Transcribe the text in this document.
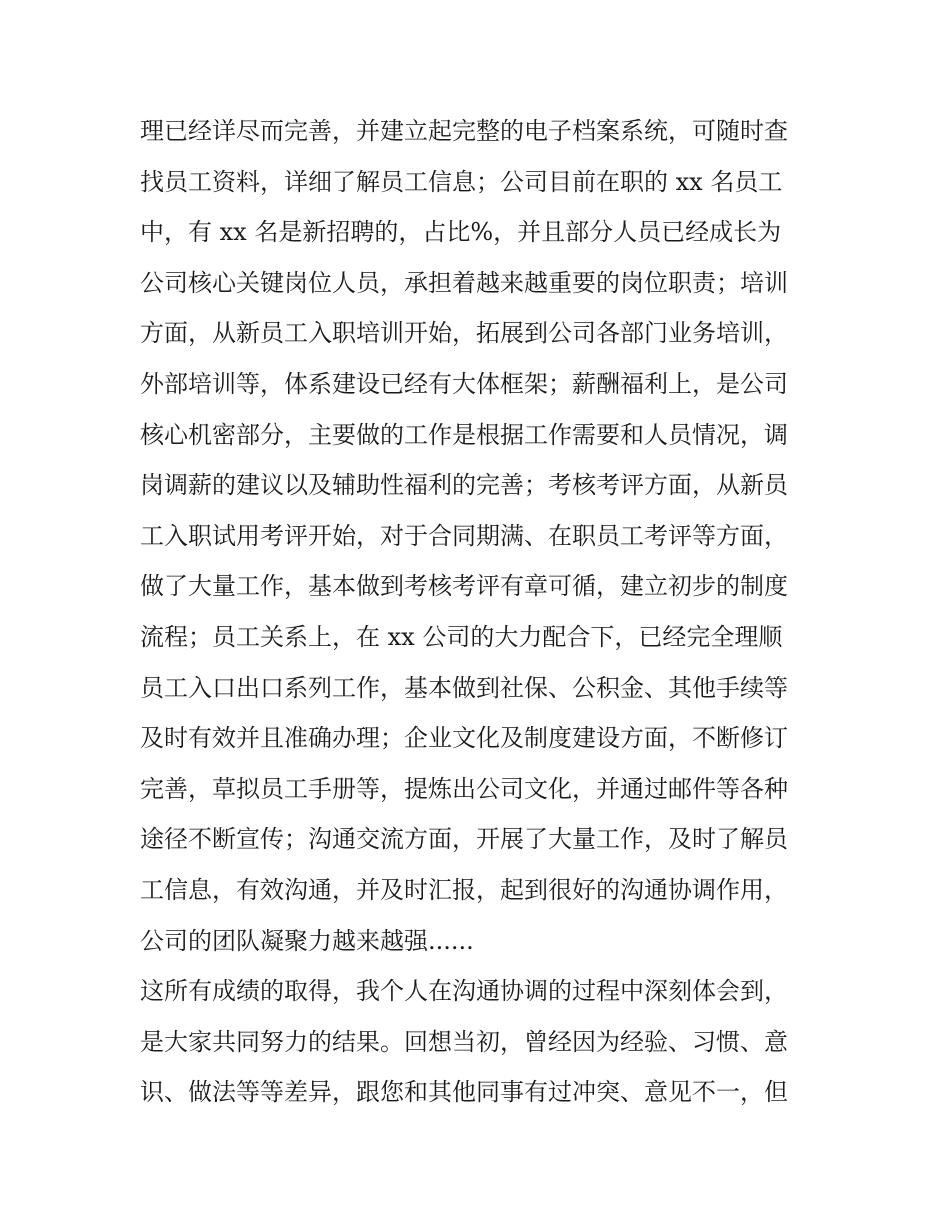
理已经详尽而完善，并建立起完整的电子档案系统，可随时查
找员工资料，详细了解员工信息；公司目前在职的 xx 名员工
中，有 xx 名是新招聘的，占比%，并且部分人员已经成长为
公司核心关键岗位人员，承担着越来越重要的岗位职责；培训
方面，从新员工入职培训开始，拓展到公司各部门业务培训，
外部培训等，体系建设已经有大体框架；薪酬福利上，是公司
核心机密部分，主要做的工作是根据工作需要和人员情况，调
岗调薪的建议以及辅助性福利的完善；考核考评方面，从新员
工入职试用考评开始，对于合同期满、在职员工考评等方面，
做了大量工作，基本做到考核考评有章可循，建立初步的制度
流程；员工关系上，在 xx 公司的大力配合下，已经完全理顺
员工入口出口系列工作，基本做到社保、公积金、其他手续等
及时有效并且准确办理；企业文化及制度建设方面，不断修订
完善，草拟员工手册等，提炼出公司文化，并通过邮件等各种
途径不断宣传；沟通交流方面，开展了大量工作，及时了解员
工信息，有效沟通，并及时汇报，起到很好的沟通协调作用，
公司的团队凝聚力越来越强......
这所有成绩的取得，我个人在沟通协调的过程中深刻体会到，
是大家共同努力的结果。回想当初，曾经因为经验、习惯、意
识、做法等等差异，跟您和其他同事有过冲突、意见不一，但
